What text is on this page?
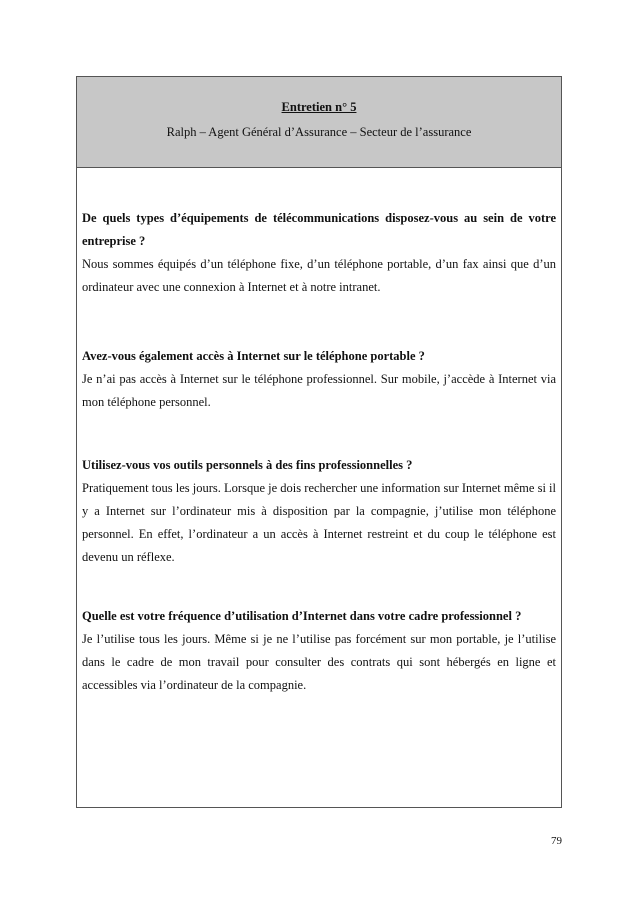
Entretien n° 5
Ralph – Agent Général d’Assurance – Secteur de l’assurance

De quels types d’équipements de télécommunications disposez-vous au sein de votre entreprise ?

Nous sommes équipés d’un téléphone fixe, d’un téléphone portable, d’un fax ainsi que d’un ordinateur avec une connexion à Internet et à notre intranet.

Avez-vous également accès à Internet sur le téléphone portable ?

Je n’ai pas accès à Internet sur le téléphone professionnel. Sur mobile, j’accède à Internet via mon téléphone personnel.

Utilisez-vous vos outils personnels à des fins professionnelles ?

Pratiquement tous les jours. Lorsque je dois rechercher une information sur Internet même si il y a Internet sur l’ordinateur mis à disposition par la compagnie, j’utilise mon téléphone personnel. En effet, l’ordinateur a un accès à Internet restreint et du coup le téléphone est devenu un réflexe.

Quelle est votre fréquence d’utilisation d’Internet dans votre cadre professionnel ?

Je l’utilise tous les jours. Même si je ne l’utilise pas forcément sur mon portable, je l’utilise dans le cadre de mon travail pour consulter des contrats qui sont hébergés en ligne et accessibles via l’ordinateur de la compagnie.

79
